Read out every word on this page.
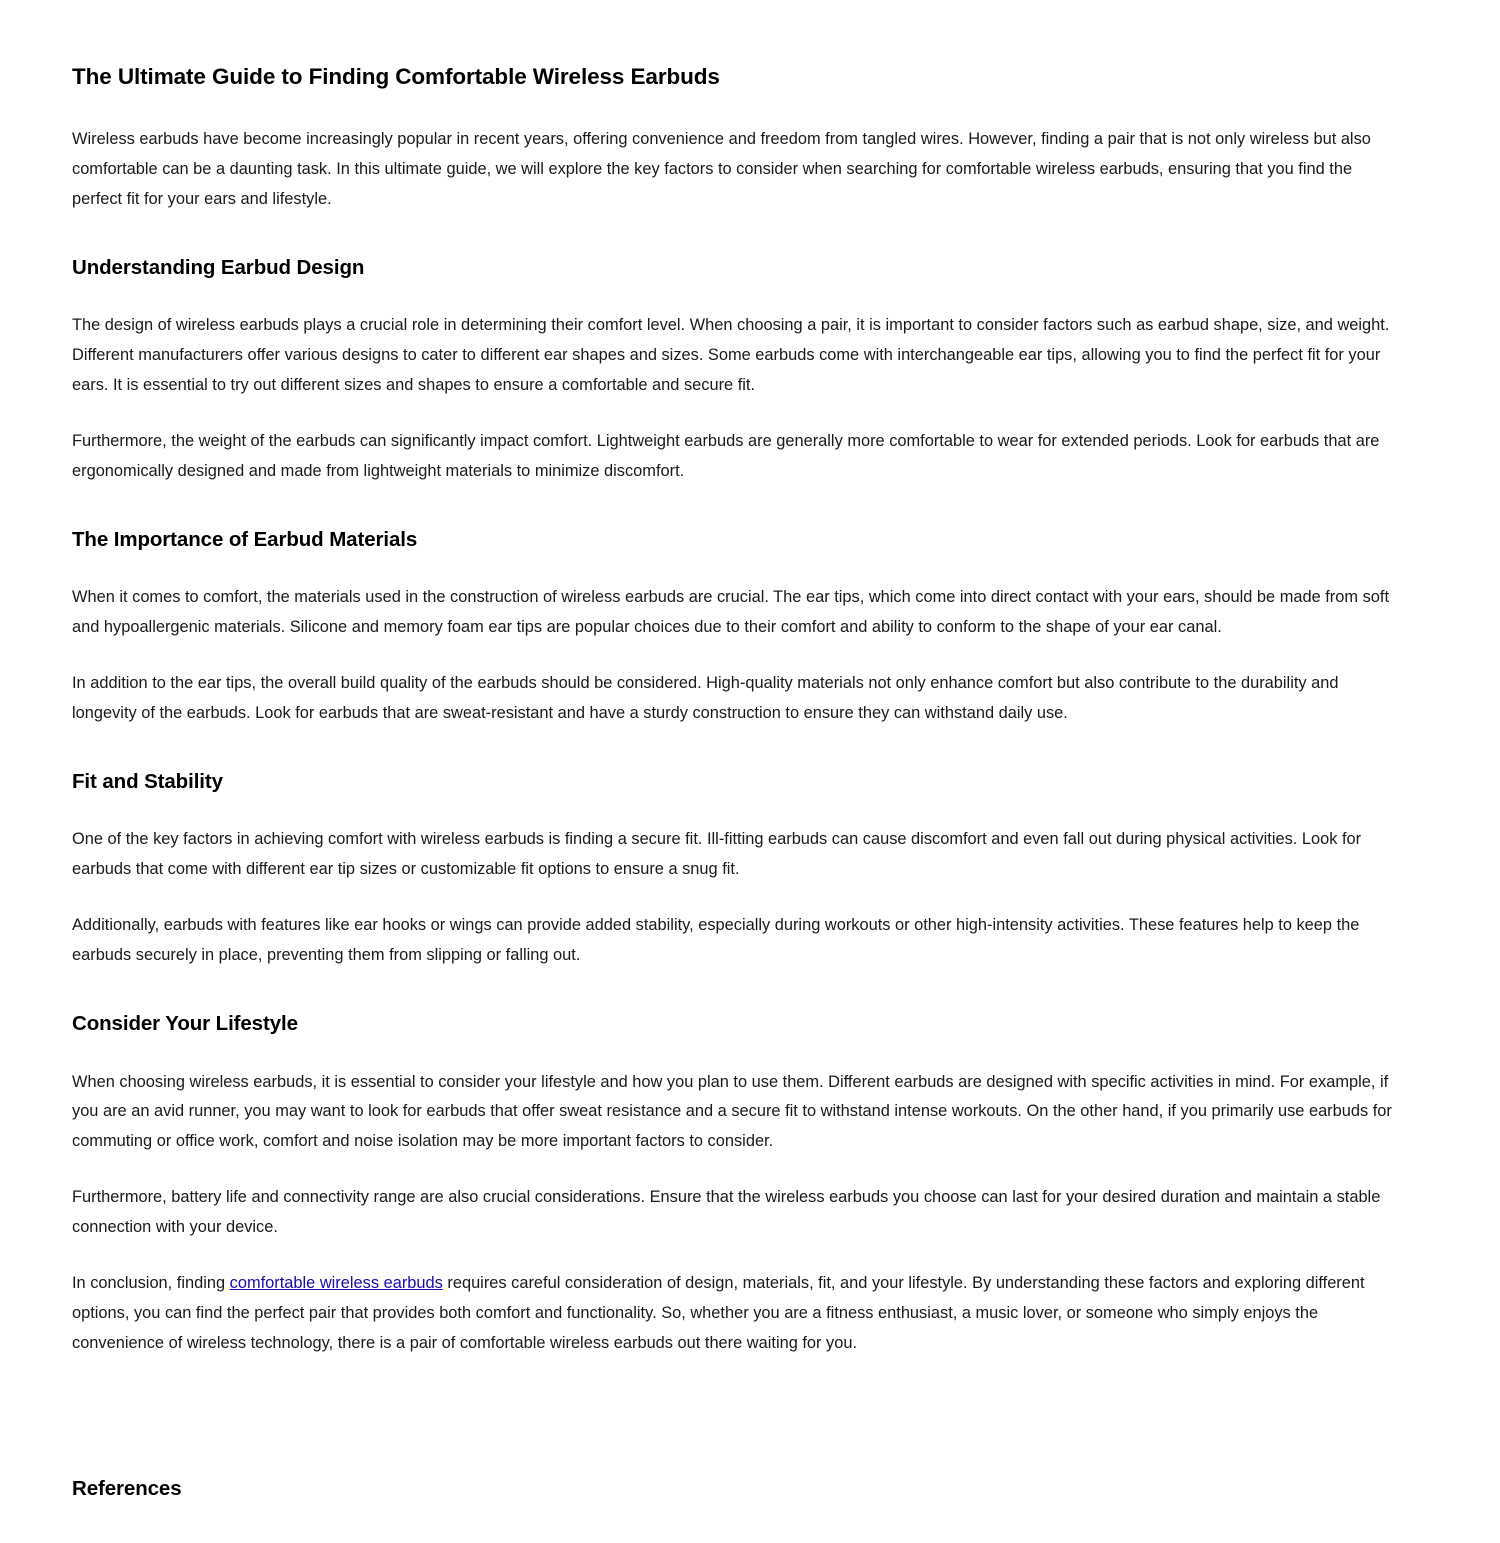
The Ultimate Guide to Finding Comfortable Wireless Earbuds

Wireless earbuds have become increasingly popular in recent years, offering convenience and freedom from tangled wires. However, finding a pair that is not only wireless but also comfortable can be a daunting task. In this ultimate guide, we will explore the key factors to consider when searching for comfortable wireless earbuds, ensuring that you find the perfect fit for your ears and lifestyle.

Understanding Earbud Design

The design of wireless earbuds plays a crucial role in determining their comfort level. When choosing a pair, it is important to consider factors such as earbud shape, size, and weight. Different manufacturers offer various designs to cater to different ear shapes and sizes. Some earbuds come with interchangeable ear tips, allowing you to find the perfect fit for your ears. It is essential to try out different sizes and shapes to ensure a comfortable and secure fit.

Furthermore, the weight of the earbuds can significantly impact comfort. Lightweight earbuds are generally more comfortable to wear for extended periods. Look for earbuds that are ergonomically designed and made from lightweight materials to minimize discomfort.

The Importance of Earbud Materials

When it comes to comfort, the materials used in the construction of wireless earbuds are crucial. The ear tips, which come into direct contact with your ears, should be made from soft and hypoallergenic materials. Silicone and memory foam ear tips are popular choices due to their comfort and ability to conform to the shape of your ear canal.

In addition to the ear tips, the overall build quality of the earbuds should be considered. High-quality materials not only enhance comfort but also contribute to the durability and longevity of the earbuds. Look for earbuds that are sweat-resistant and have a sturdy construction to ensure they can withstand daily use.

Fit and Stability

One of the key factors in achieving comfort with wireless earbuds is finding a secure fit. Ill-fitting earbuds can cause discomfort and even fall out during physical activities. Look for earbuds that come with different ear tip sizes or customizable fit options to ensure a snug fit.

Additionally, earbuds with features like ear hooks or wings can provide added stability, especially during workouts or other high-intensity activities. These features help to keep the earbuds securely in place, preventing them from slipping or falling out.

Consider Your Lifestyle

When choosing wireless earbuds, it is essential to consider your lifestyle and how you plan to use them. Different earbuds are designed with specific activities in mind. For example, if you are an avid runner, you may want to look for earbuds that offer sweat resistance and a secure fit to withstand intense workouts. On the other hand, if you primarily use earbuds for commuting or office work, comfort and noise isolation may be more important factors to consider.

Furthermore, battery life and connectivity range are also crucial considerations. Ensure that the wireless earbuds you choose can last for your desired duration and maintain a stable connection with your device.

In conclusion, finding comfortable wireless earbuds requires careful consideration of design, materials, fit, and your lifestyle. By understanding these factors and exploring different options, you can find the perfect pair that provides both comfort and functionality. So, whether you are a fitness enthusiast, a music lover, or someone who simply enjoys the convenience of wireless technology, there is a pair of comfortable wireless earbuds out there waiting for you.

References
